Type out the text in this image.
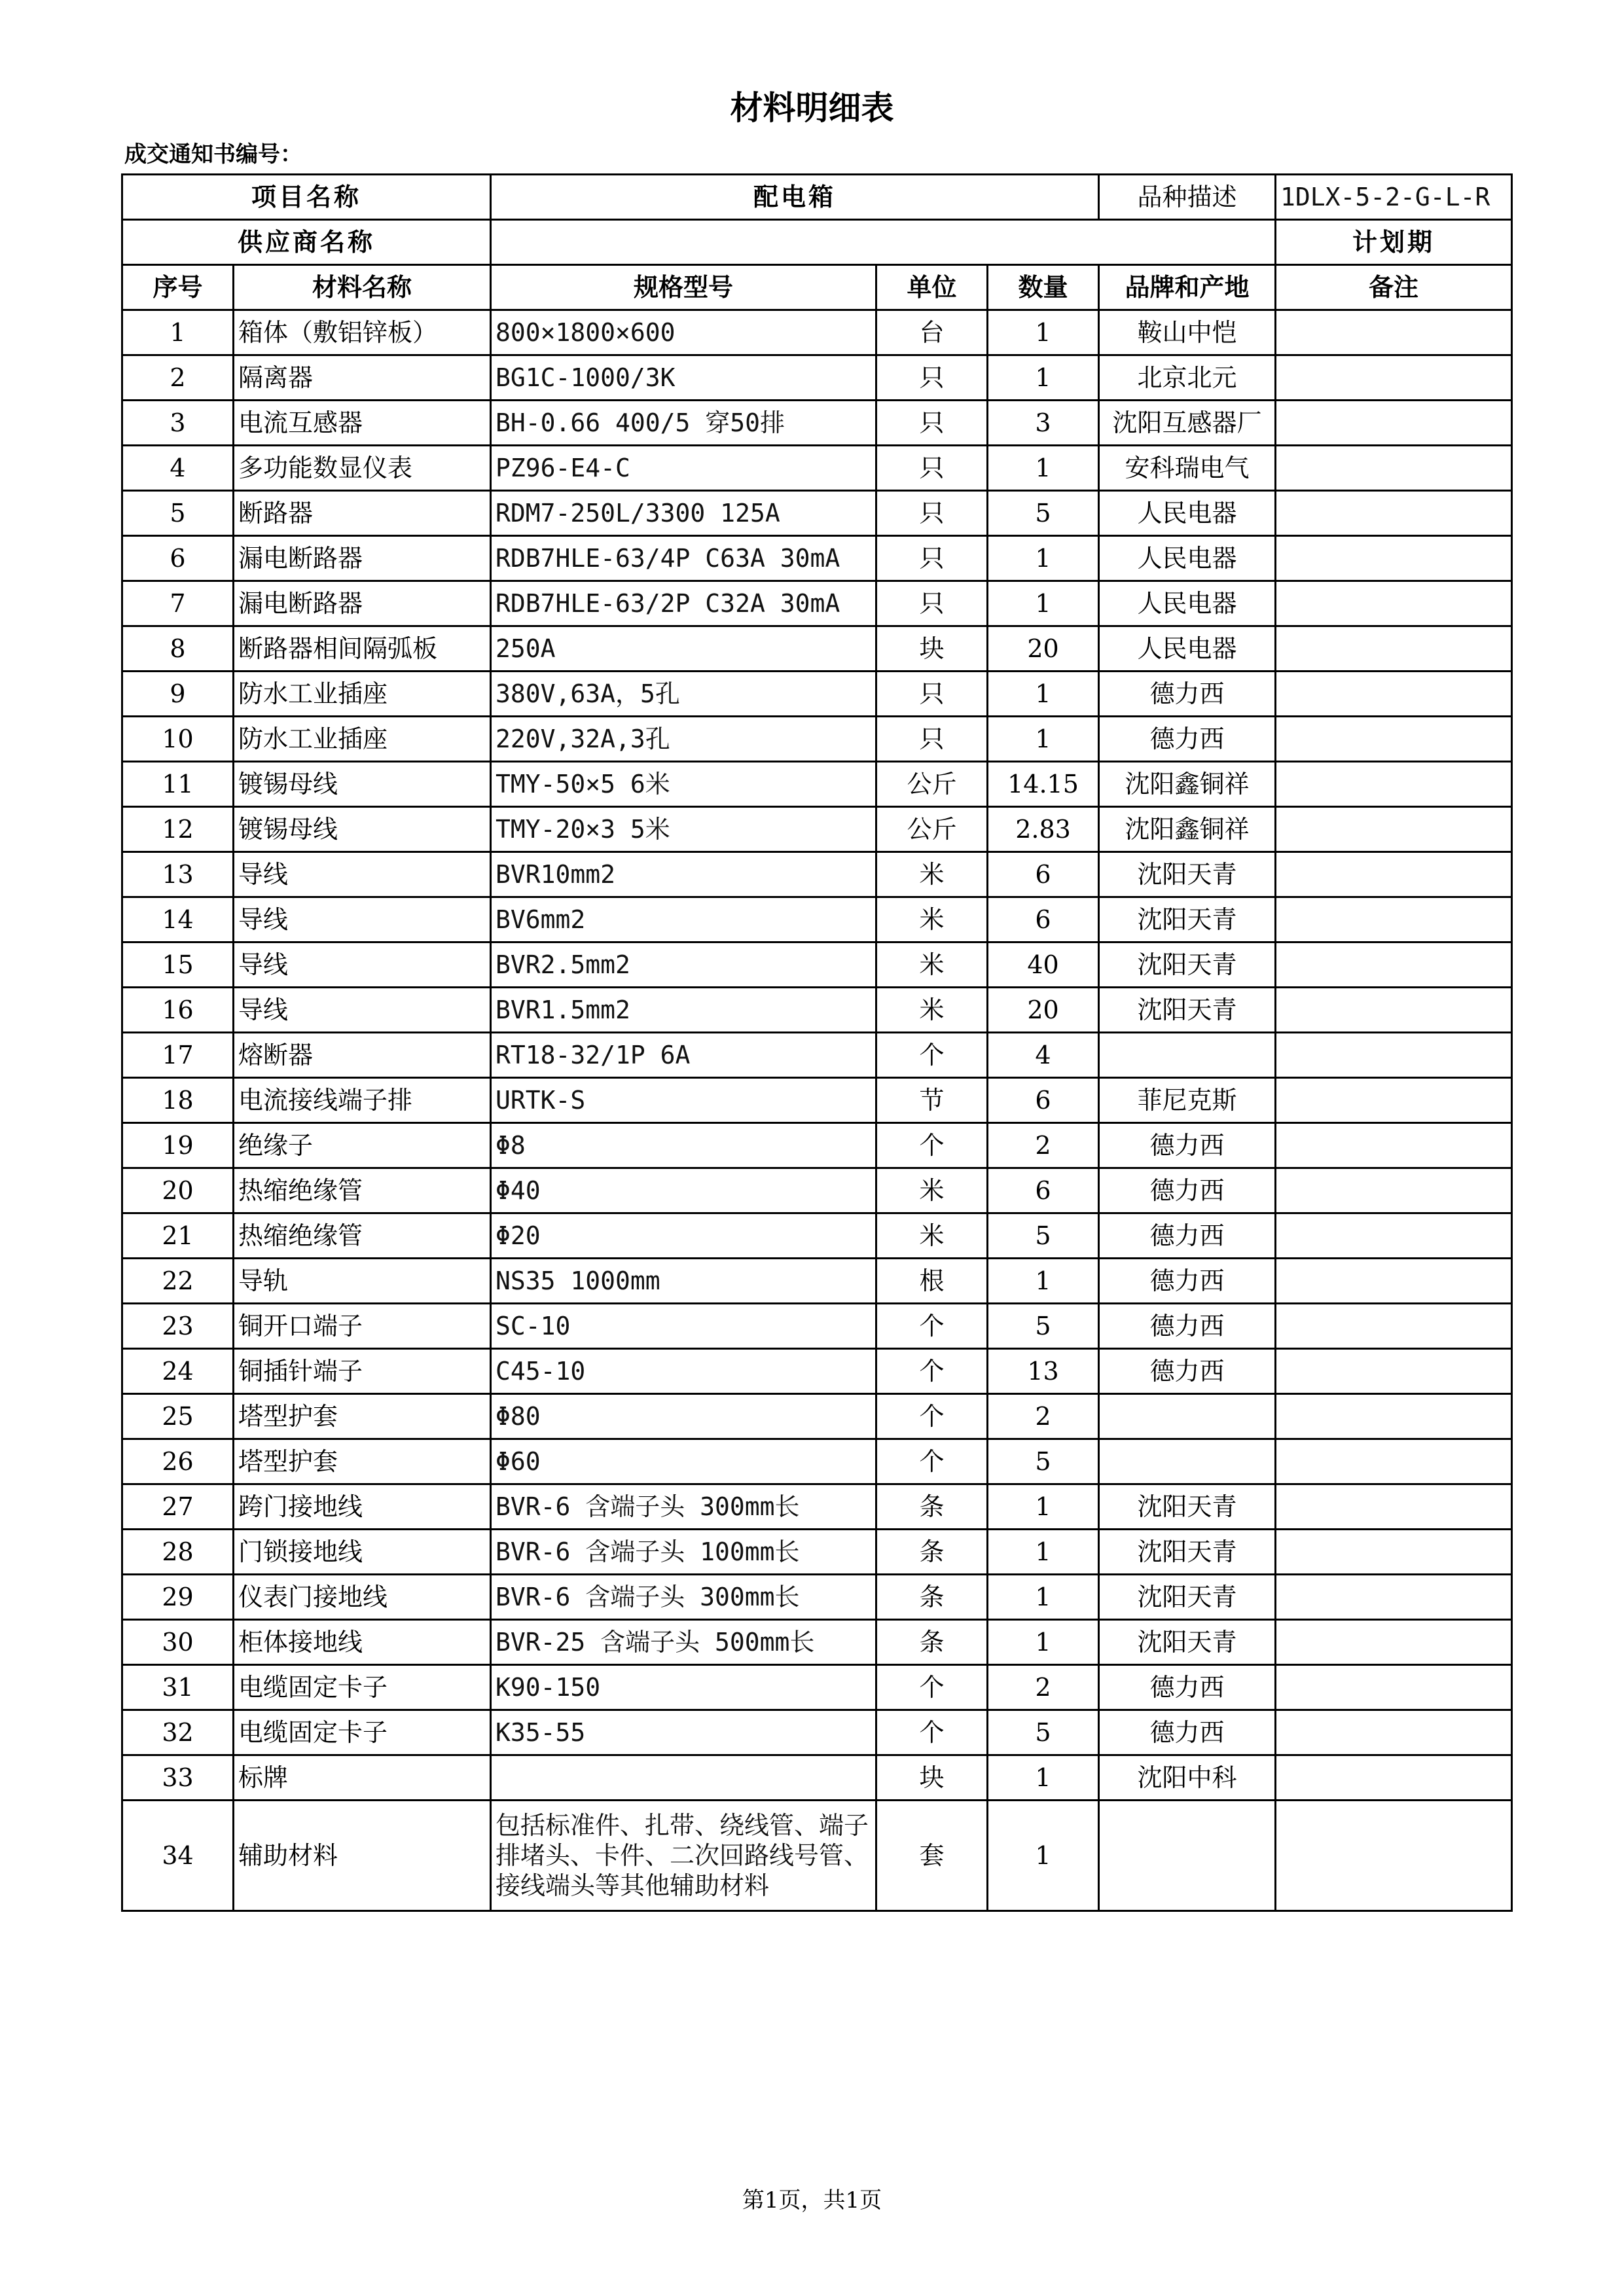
材料明细表
成交通知书编号：
项目名称		配电箱			品种描述	1DLX-5-2-G-L-R
供应商名称						计划期
序号	材料名称	规格型号	单位	数量	品牌和产地	备注
1	箱体（敷铝锌板）	800×1800×600	台	1	鞍山中恺	
2	隔离器	BG1C-1000/3K	只	1	北京北元	
3	电流互感器	BH-0.66 400/5 穿50排	只	3	沈阳互感器厂	
4	多功能数显仪表	PZ96-E4-C	只	1	安科瑞电气	
5	断路器	RDM7-250L/3300 125A	只	5	人民电器	
6	漏电断路器	RDB7HLE-63/4P C63A 30mA	只	1	人民电器	
7	漏电断路器	RDB7HLE-63/2P C32A 30mA	只	1	人民电器	
8	断路器相间隔弧板	250A	块	20	人民电器	
9	防水工业插座	380V,63A，5孔	只	1	德力西	
10	防水工业插座	220V,32A,3孔	只	1	德力西	
11	镀锡母线	TMY-50×5 6米	公斤	14.15	沈阳鑫铜祥	
12	镀锡母线	TMY-20×3 5米	公斤	2.83	沈阳鑫铜祥	
13	导线	BVR10mm2	米	6	沈阳天青	
14	导线	BV6mm2	米	6	沈阳天青	
15	导线	BVR2.5mm2	米	40	沈阳天青	
16	导线	BVR1.5mm2	米	20	沈阳天青	
17	熔断器	RT18-32/1P 6A	个	4		
18	电流接线端子排	URTK-S	节	6	菲尼克斯	
19	绝缘子	Φ8	个	2	德力西	
20	热缩绝缘管	Φ40	米	6	德力西	
21	热缩绝缘管	Φ20	米	5	德力西	
22	导轨	NS35 1000mm	根	1	德力西	
23	铜开口端子	SC-10	个	5	德力西	
24	铜插针端子	C45-10	个	13	德力西	
25	塔型护套	Φ80	个	2		
26	塔型护套	Φ60	个	5		
27	跨门接地线	BVR-6 含端子头 300mm长	条	1	沈阳天青	
28	门锁接地线	BVR-6 含端子头 100mm长	条	1	沈阳天青	
29	仪表门接地线	BVR-6 含端子头 300mm长	条	1	沈阳天青	
30	柜体接地线	BVR-25 含端子头 500mm长	条	1	沈阳天青	
31	电缆固定卡子	K90-150	个	2	德力西	
32	电缆固定卡子	K35-55	个	5	德力西	
33	标牌		块	1	沈阳中科	
34	辅助材料	包括标准件、扎带、绕线管、端子排堵头、卡件、二次回路线号管、接线端头等其他辅助材料	套	1		
第1页，共1页
